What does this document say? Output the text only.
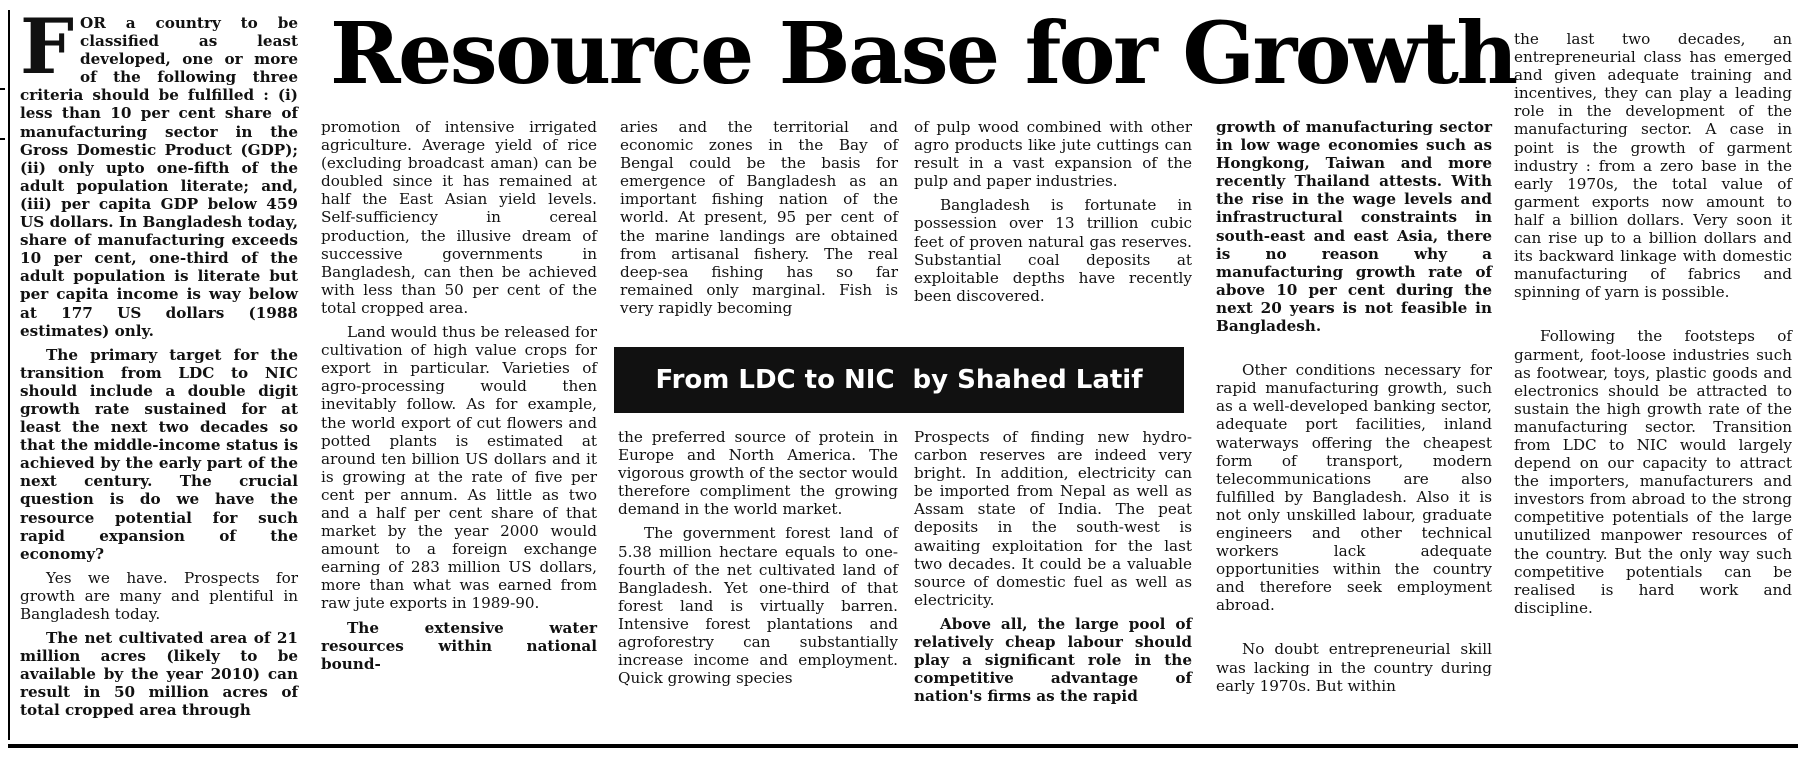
FOR a country to be classified as least developed, one or more of the following three criteria should be fulfilled : (i) less than 10 per cent share of manufacturing sector in the Gross Domestic Product (GDP); (ii) only upto one-fifth of the adult population literate; and, (iii) per capita GDP below 459 US dollars. In Bangladesh today, share of manufacturing exceeds 10 per cent, one-third of the adult population is literate but per capita income is way below at 177 US dollars (1988 estimates) only.

The primary target for the transition from LDC to NIC should include a double digit growth rate sustained for at least the next two decades so that the middle-income status is achieved by the early part of the next century. The crucial question is do we have the resource potential for such rapid expansion of the economy?

Yes we have. Prospects for growth are many and plentiful in Bangladesh today.

The net cultivated area of 21 million acres (likely to be available by the year 2010) can result in 50 million acres of total cropped area through

Resource Base for Growth

promotion of intensive irrigated agriculture. Average yield of rice (excluding broadcast aman) can be doubled since it has remained at half the East Asian yield levels. Self-sufficiency in cereal production, the illusive dream of successive governments in Bangladesh, can then be achieved with less than 50 per cent of the total cropped area.

Land would thus be released for cultivation of high value crops for export in particular. Varieties of agro-processing would then inevitably follow. As for example, the world export of cut flowers and potted plants is estimated at around ten billion US dollars and it is growing at the rate of five per cent per annum. As little as two and a half per cent share of that market by the year 2000 would amount to a foreign exchange earning of 283 million US dollars, more than what was earned from raw jute exports in 1989-90.

The extensive water resources within national bound-

aries and the territorial and economic zones in the Bay of Bengal could be the basis for emergence of Bangladesh as an important fishing nation of the world. At present, 95 per cent of the marine landings are obtained from artisanal fishery. The real deep-sea fishing has so far remained only marginal. Fish is very rapidly becoming

of pulp wood combined with other agro products like jute cuttings can result in a vast expansion of the pulp and paper industries.

Bangladesh is fortunate in possession over 13 trillion cubic feet of proven natural gas reserves. Substantial coal deposits at exploitable depths have recently been discovered.

From LDC to NIC by Shahed Latif

the preferred source of protein in Europe and North America. The vigorous growth of the sector would therefore compliment the growing demand in the world market.

The government forest land of 5.38 million hectare equals to one-fourth of the net cultivated land of Bangladesh. Yet one-third of that forest land is virtually barren. Intensive forest plantations and agroforestry can substantially increase income and employment. Quick growing species

Prospects of finding new hydro-carbon reserves are indeed very bright. In addition, electricity can be imported from Nepal as well as Assam state of India. The peat deposits in the south-west is awaiting exploitation for the last two decades. It could be a valuable source of domestic fuel as well as electricity.

Above all, the large pool of relatively cheap labour should play a significant role in the competitive advantage of nation's firms as the rapid

growth of manufacturing sector in low wage economies such as Hongkong, Taiwan and more recently Thailand attests. With the rise in the wage levels and infrastructural constraints in south-east and east Asia, there is no reason why a manufacturing growth rate of above 10 per cent during the next 20 years is not feasible in Bangladesh.

Other conditions necessary for rapid manufacturing growth, such as a well-developed banking sector, adequate port facilities, inland waterways offering the cheapest form of transport, modern telecommunications are also fulfilled by Bangladesh. Also it is not only unskilled labour, graduate engineers and other technical workers lack adequate opportunities within the country and therefore seek employment abroad.

No doubt entrepreneurial skill was lacking in the country during early 1970s. But within

the last two decades, an entrepreneurial class has emerged and given adequate training and incentives, they can play a leading role in the development of the manufacturing sector. A case in point is the growth of garment industry : from a zero base in the early 1970s, the total value of garment exports now amount to half a billion dollars. Very soon it can rise up to a billion dollars and its backward linkage with domestic manufacturing of fabrics and spinning of yarn is possible.

Following the footsteps of garment, foot-loose industries such as footwear, toys, plastic goods and electronics should be attracted to sustain the high growth rate of the manufacturing sector. Transition from LDC to NIC would largely depend on our capacity to attract the importers, manufacturers and investors from abroad to the strong competitive potentials of the large unutilized manpower resources of the country. But the only way such competitive potentials can be realised is hard work and discipline.
